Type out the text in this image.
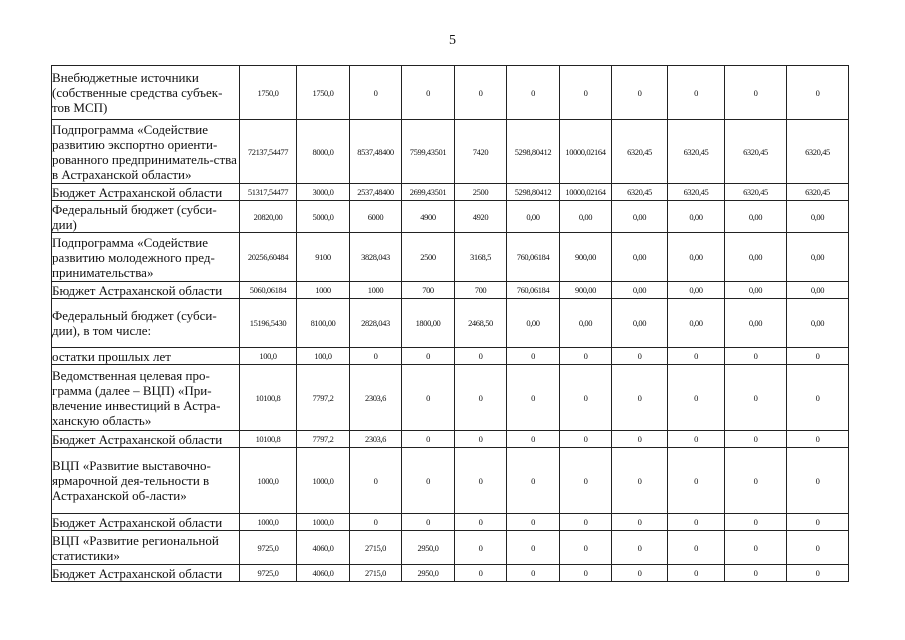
5
Внебюджетные источники (собственные средства субъек-тов МСП)	1750,0	1750,0	0	0	0	0	0	0	0	0	0
Подпрограмма «Содействие развитию экспортно ориенти-рованного предприниматель-ства в Астраханской области»	72137,54477	8000,0	8537,48400	7599,43501	7420	5298,80412	10000,02164	6320,45	6320,45	6320,45	6320,45
Бюджет Астраханской области	51317,54477	3000,0	2537,48400	2699,43501	2500	5298,80412	10000,02164	6320,45	6320,45	6320,45	6320,45
Федеральный бюджет (субси-дии)	20820,00	5000,0	6000	4900	4920	0,00	0,00	0,00	0,00	0,00	0,00
Подпрограмма «Содействие развитию молодежного пред-принимательства»	20256,60484	9100	3828,043	2500	3168,5	760,06184	900,00	0,00	0,00	0,00	0,00
Бюджет Астраханской области	5060,06184	1000	1000	700	700	760,06184	900,00	0,00	0,00	0,00	0,00
Федеральный бюджет (субси-дии), в том числе:	15196,5430	8100,00	2828,043	1800,00	2468,50	0,00	0,00	0,00	0,00	0,00	0,00
остатки прошлых лет	100,0	100,0	0	0	0	0	0	0	0	0	0
Ведомственная целевая про-грамма (далее – ВЦП) «При-влечение инвестиций в Астра-ханскую область»	10100,8	7797,2	2303,6	0	0	0	0	0	0	0	0
Бюджет Астраханской области	10100,8	7797,2	2303,6	0	0	0	0	0	0	0	0
ВЦП «Развитие выставочно-ярмарочной дея-тельности в Астраханской об-ласти»	1000,0	1000,0	0	0	0	0	0	0	0	0	0
Бюджет Астраханской области	1000,0	1000,0	0	0	0	0	0	0	0	0	0
ВЦП «Развитие региональной статистики»	9725,0	4060,0	2715,0	2950,0	0	0	0	0	0	0	0
Бюджет Астраханской области	9725,0	4060,0	2715,0	2950,0	0	0	0	0	0	0	0
